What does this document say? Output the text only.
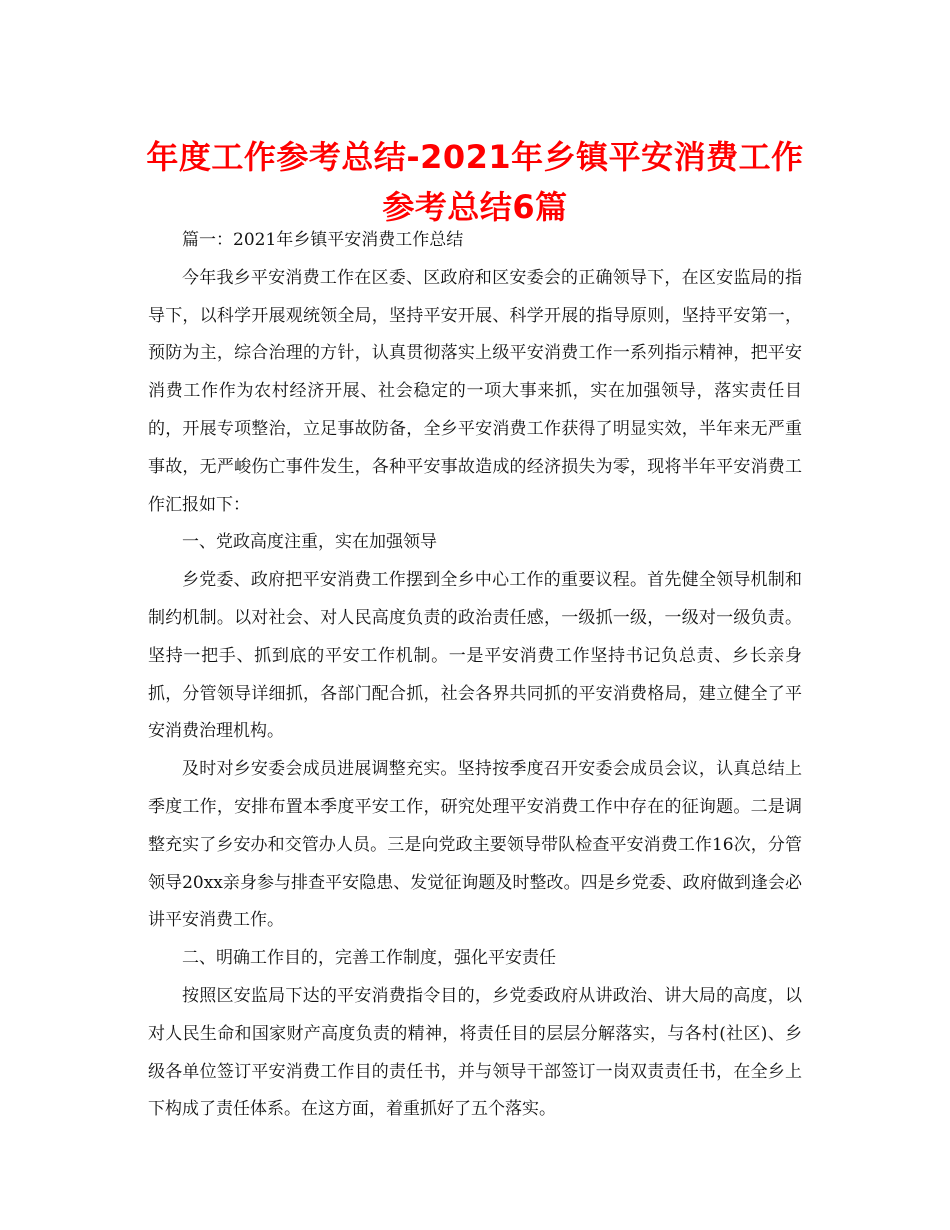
年度工作参考总结-2021年乡镇平安消费工作参考总结6篇

篇一：2021年乡镇平安消费工作总结

今年我乡平安消费工作在区委、区政府和区安委会的正确领导下，在区安监局的指导下，以科学开展观统领全局，坚持平安开展、科学开展的指导原则，坚持平安第一，预防为主，综合治理的方针，认真贯彻落实上级平安消费工作一系列指示精神，把平安消费工作作为农村经济开展、社会稳定的一项大事来抓，实在加强领导，落实责任目的，开展专项整治，立足事故防备，全乡平安消费工作获得了明显实效，半年来无严重事故，无严峻伤亡事件发生，各种平安事故造成的经济损失为零，现将半年平安消费工作汇报如下：

一、党政高度注重，实在加强领导

乡党委、政府把平安消费工作摆到全乡中心工作的重要议程。首先健全领导机制和制约机制。以对社会、对人民高度负责的政治责任感，一级抓一级，一级对一级负责。坚持一把手、抓到底的平安工作机制。一是平安消费工作坚持书记负总责、乡长亲身抓，分管领导详细抓，各部门配合抓，社会各界共同抓的平安消费格局，建立健全了平安消费治理机构。

及时对乡安委会成员进展调整充实。坚持按季度召开安委会成员会议，认真总结上季度工作，安排布置本季度平安工作，研究处理平安消费工作中存在的征询题。二是调整充实了乡安办和交管办人员。三是向党政主要领导带队检查平安消费工作16次，分管领导20xx亲身参与排查平安隐患、发觉征询题及时整改。四是乡党委、政府做到逢会必讲平安消费工作。

二、明确工作目的，完善工作制度，强化平安责任

按照区安监局下达的平安消费指令目的，乡党委政府从讲政治、讲大局的高度，以对人民生命和国家财产高度负责的精神，将责任目的层层分解落实，与各村(社区)、乡级各单位签订平安消费工作目的责任书，并与领导干部签订一岗双责责任书，在全乡上下构成了责任体系。在这方面，着重抓好了五个落实。
